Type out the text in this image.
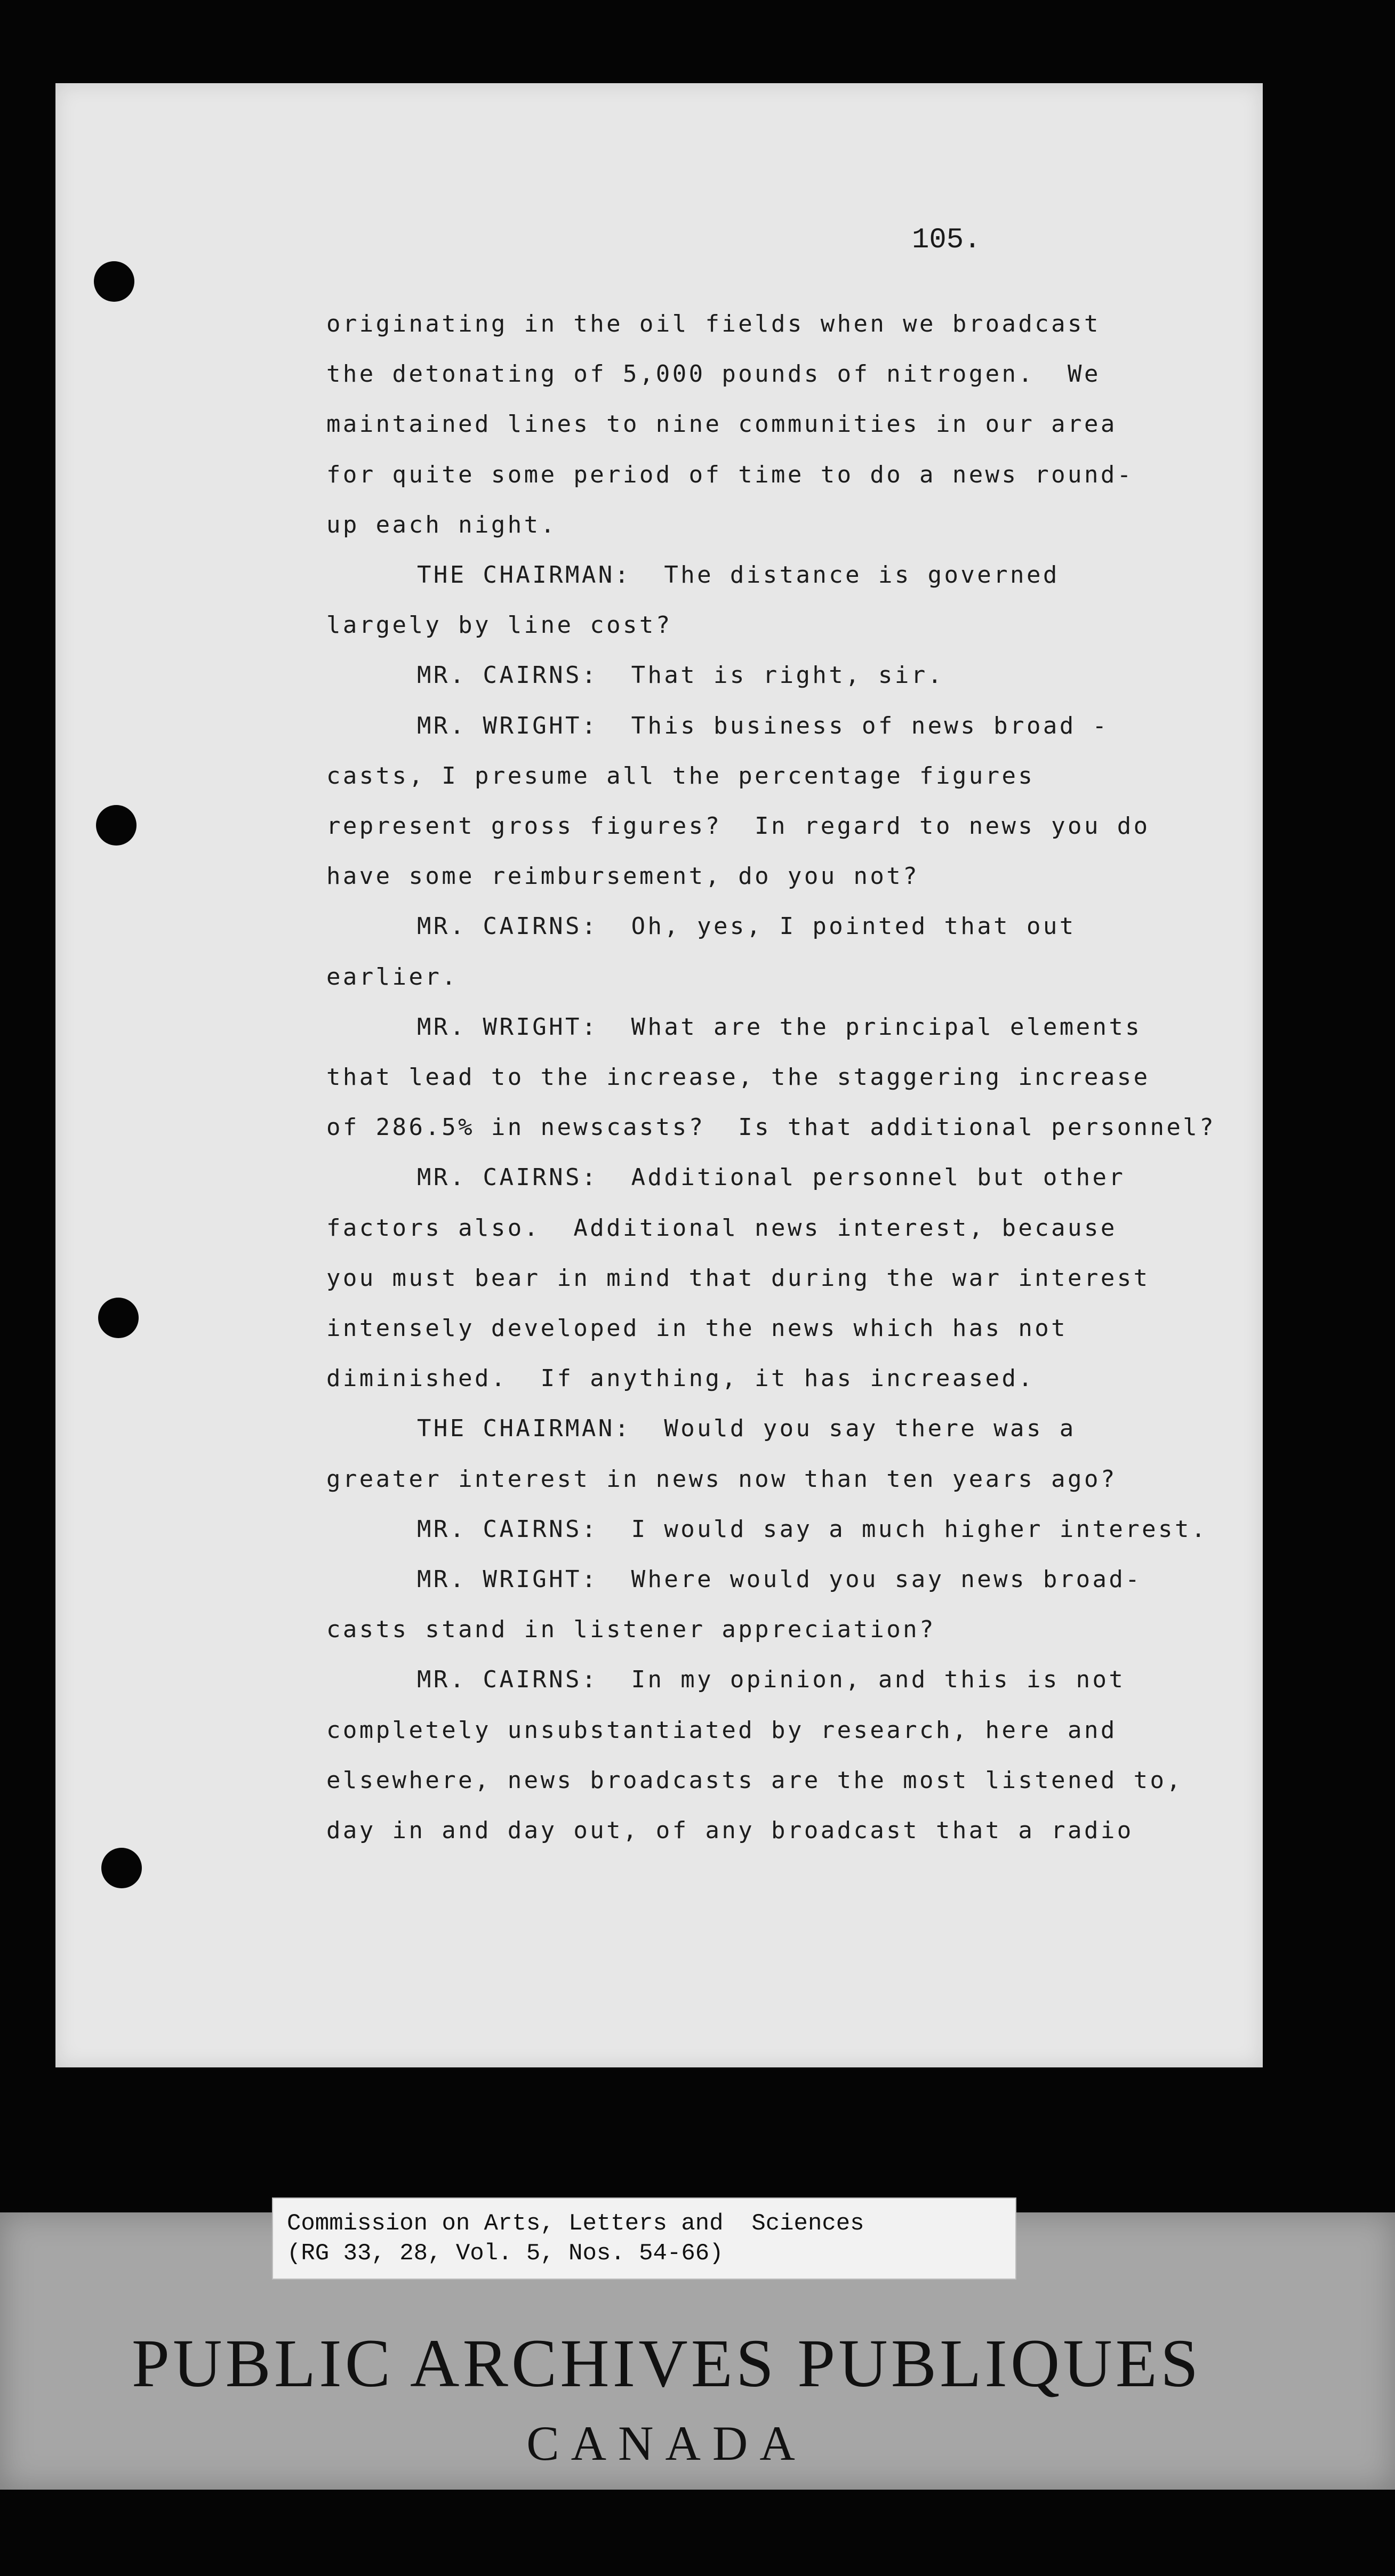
105.
originating in the oil fields when we broadcast
the detonating of 5,000 pounds of nitrogen.  We
maintained lines to nine communities in our area
for quite some period of time to do a news round-
up each night.
THE CHAIRMAN:  The distance is governed
largely by line cost?
MR. CAIRNS:  That is right, sir.
MR. WRIGHT:  This business of news broad -
casts, I presume all the percentage figures
represent gross figures?  In regard to news you do
have some reimbursement, do you not?
MR. CAIRNS:  Oh, yes, I pointed that out
earlier.
MR. WRIGHT:  What are the principal elements
that lead to the increase, the staggering increase
of 286.5% in newscasts?  Is that additional personnel?
MR. CAIRNS:  Additional personnel but other
factors also.  Additional news interest, because
you must bear in mind that during the war interest
intensely developed in the news which has not
diminished.  If anything, it has increased.
THE CHAIRMAN:  Would you say there was a
greater interest in news now than ten years ago?
MR. CAIRNS:  I would say a much higher interest.
MR. WRIGHT:  Where would you say news broad-
casts stand in listener appreciation?
MR. CAIRNS:  In my opinion, and this is not
completely unsubstantiated by research, here and
elsewhere, news broadcasts are the most listened to,
day in and day out, of any broadcast that a radio
Commission on Arts, Letters and  Sciences
(RG 33, 28, Vol. 5, Nos. 54-66)
PUBLIC ARCHIVES PUBLIQUES
CANADA
